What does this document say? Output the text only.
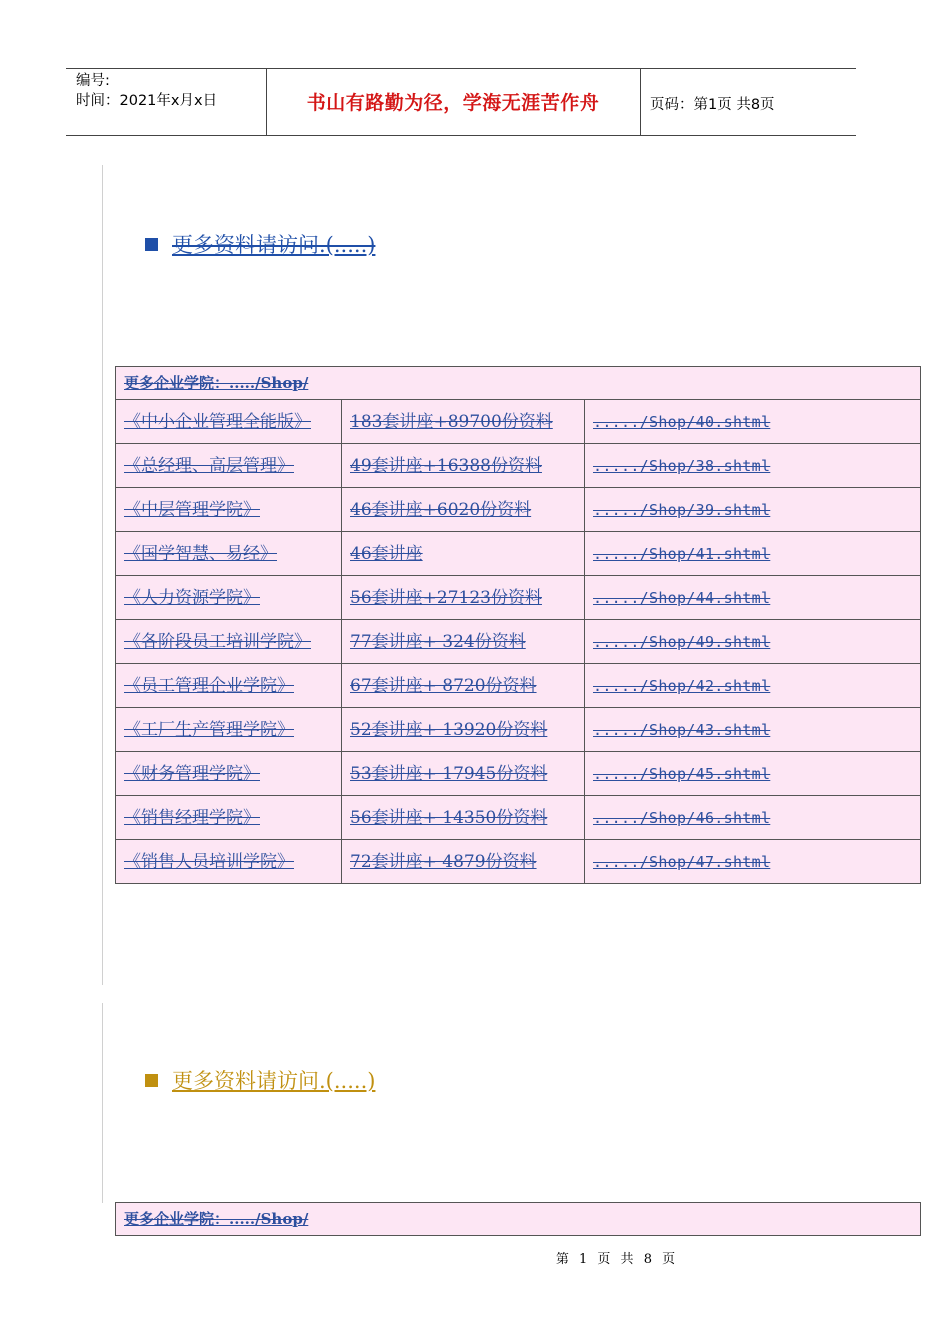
编号:
时间：2021年x月x日	书山有路勤为径，学海无涯苦作舟	页码：第1页 共8页
更多资料请访问.(.....)
更多企业学院：...../Shop/		
《中小企业管理全能版》	183套讲座+89700份资料	...../Shop/40.shtml
《总经理、高层管理》	49套讲座+16388份资料	...../Shop/38.shtml
《中层管理学院》	46套讲座+6020份资料	...../Shop/39.shtml
《国学智慧、易经》	46套讲座	...../Shop/41.shtml
《人力资源学院》	56套讲座+27123份资料	...../Shop/44.shtml
《各阶段员工培训学院》	77套讲座+ 324份资料	...../Shop/49.shtml
《员工管理企业学院》	67套讲座+ 8720份资料	...../Shop/42.shtml
《工厂生产管理学院》	52套讲座+ 13920份资料	...../Shop/43.shtml
《财务管理学院》	53套讲座+ 17945份资料	...../Shop/45.shtml
《销售经理学院》	56套讲座+ 14350份资料	...../Shop/46.shtml
《销售人员培训学院》	72套讲座+ 4879份资料	...../Shop/47.shtml
更多资料请访问.(.....)
更多企业学院：...../Shop/
第 1 页 共 8 页
